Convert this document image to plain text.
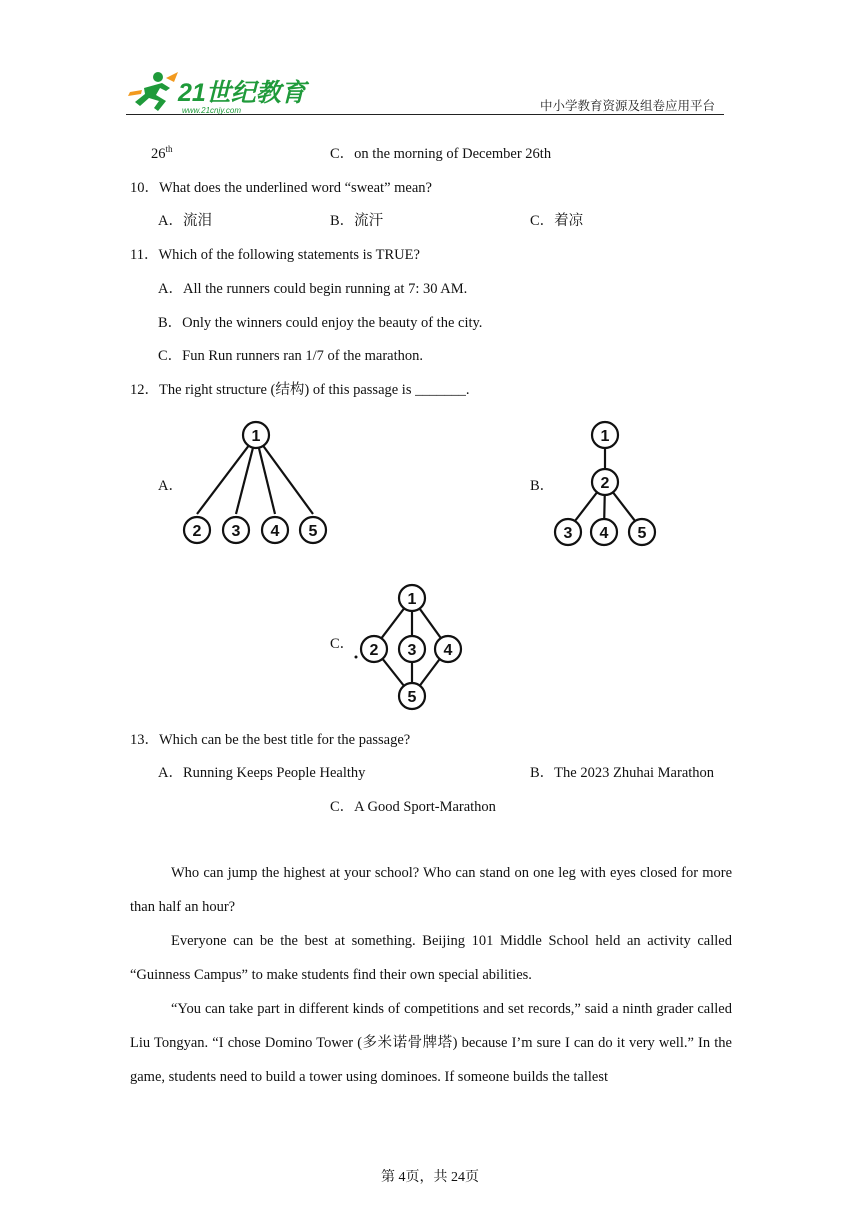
21世纪教育
www.21cnjy.com	中小学教育资源及组卷应用平台
26th	C．on the morning of December 26th
10．What does the underlined word “sweat” mean?
A．流泪	B．流汗	C．着凉
11．Which of the following statements is TRUE?
A．All the runners could begin running at 7: 30 AM.
B．Only the winners could enjoy the beauty of the city.
C．Fun Run runners ran 1/7 of the marathon.
12．The right structure (结构) of this passage is _______.
A．
1
2 3 4 5
B．
1
2
3 4 5
C．
1
2 3 4
5
13．Which can be the best title for the passage?
A．Running Keeps People Healthy	B．The 2023 Zhuhai Marathon
C．A Good Sport-Marathon
Who can jump the highest at your school? Who can stand on one leg with eyes closed for more than half an hour?
Everyone can be the best at something. Beijing 101 Middle School held an activity called “Guinness Campus” to make students find their own special abilities.
“You can take part in different kinds of competitions and set records,” said a ninth grader called Liu Tongyan. “I chose Domino Tower (多米诺骨牌塔) because I’m sure I can do it very well.” In the game, students need to build a tower using dominoes. If someone builds the tallest
第 4页，共 24页
